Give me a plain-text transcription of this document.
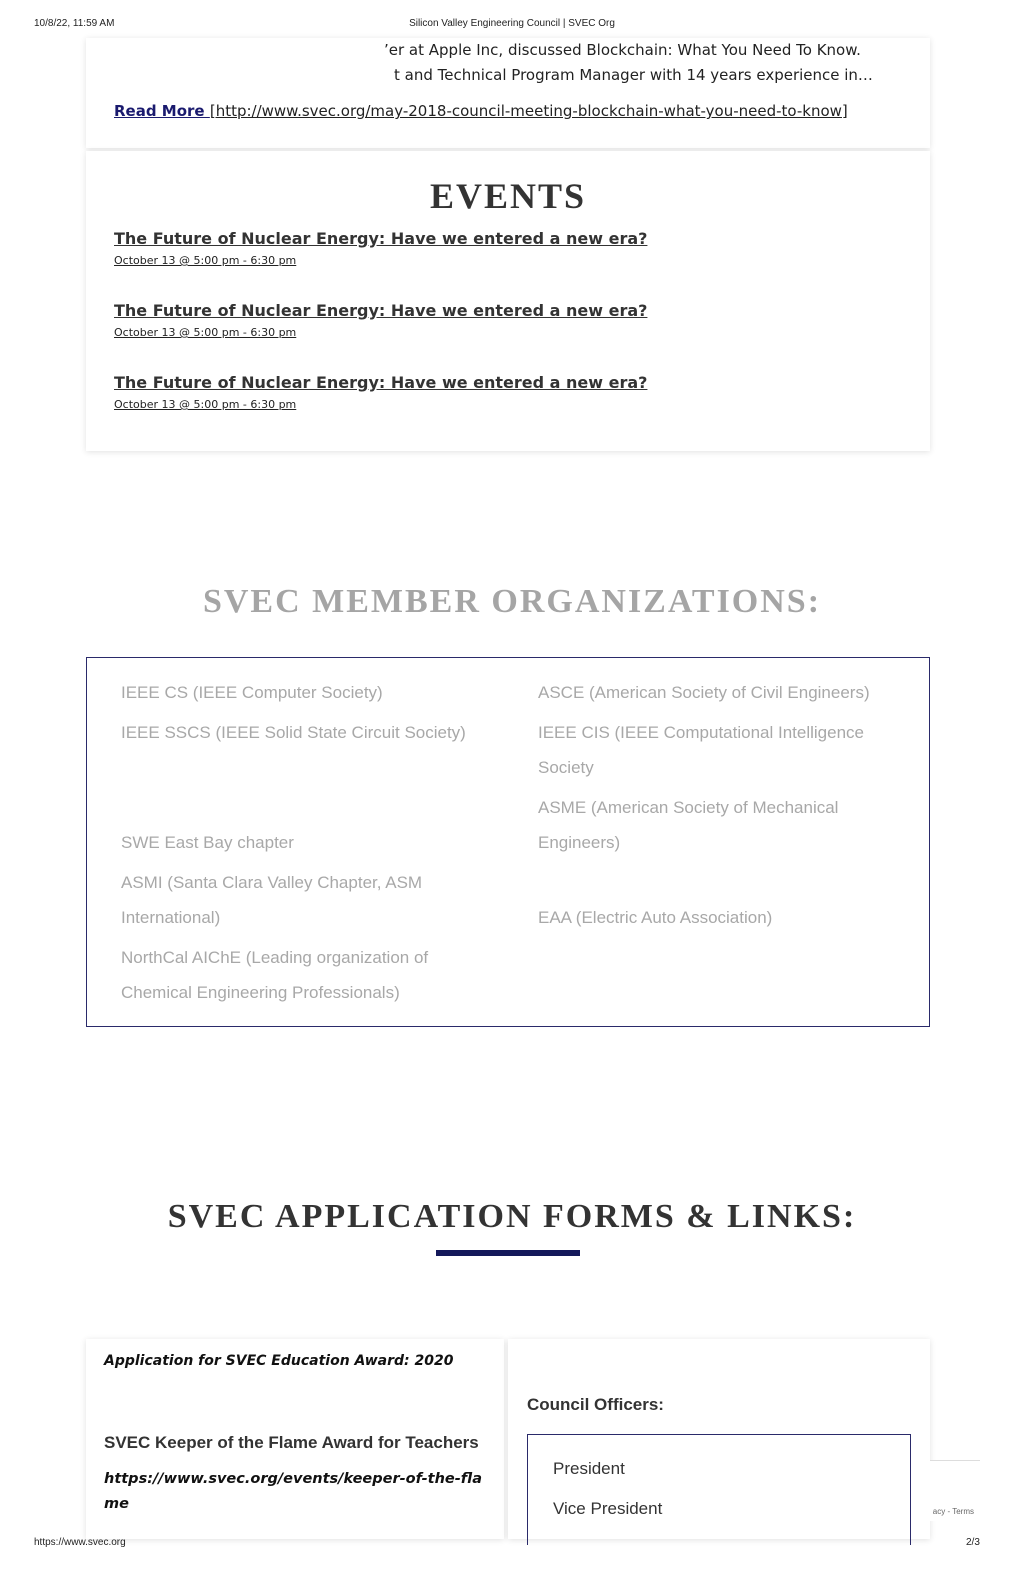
10/8/22, 11:59 AM	Silicon Valley Engineering Council | SVEC Org
ʼer at Apple Inc, discussed Blockchain: What You Need To Know.
t and Technical Program Manager with 14 years experience in…
Read More [http://www.svec.org/may-2018-council-meeting-blockchain-what-you-need-to-know]
EVENTS
The Future of Nuclear Energy: Have we entered a new era?
October 13 @ 5:00 pm - 6:30 pm
The Future of Nuclear Energy: Have we entered a new era?
October 13 @ 5:00 pm - 6:30 pm
The Future of Nuclear Energy: Have we entered a new era?
October 13 @ 5:00 pm - 6:30 pm
SVEC MEMBER ORGANIZATIONS:
IEEE CS (IEEE Computer Society)
IEEE SSCS (IEEE Solid State Circuit Society)
SWE East Bay chapter
ASMI (Santa Clara Valley Chapter, ASM International)
NorthCal AIChE (Leading organization of Chemical Engineering Professionals)
ASCE (American Society of Civil Engineers)
IEEE CIS (IEEE Computational Intelligence Society
ASME (American Society of Mechanical Engineers)
EAA (Electric Auto Association)
SVEC APPLICATION FORMS & LINKS:
Application for SVEC Education Award: 2020
SVEC Keeper of the Flame Award for Teachers
https://www.svec.org/events/keeper-of-the-flame
Council Officers:
President
Vice President	acy - Terms
https://www.svec.org	2/3
